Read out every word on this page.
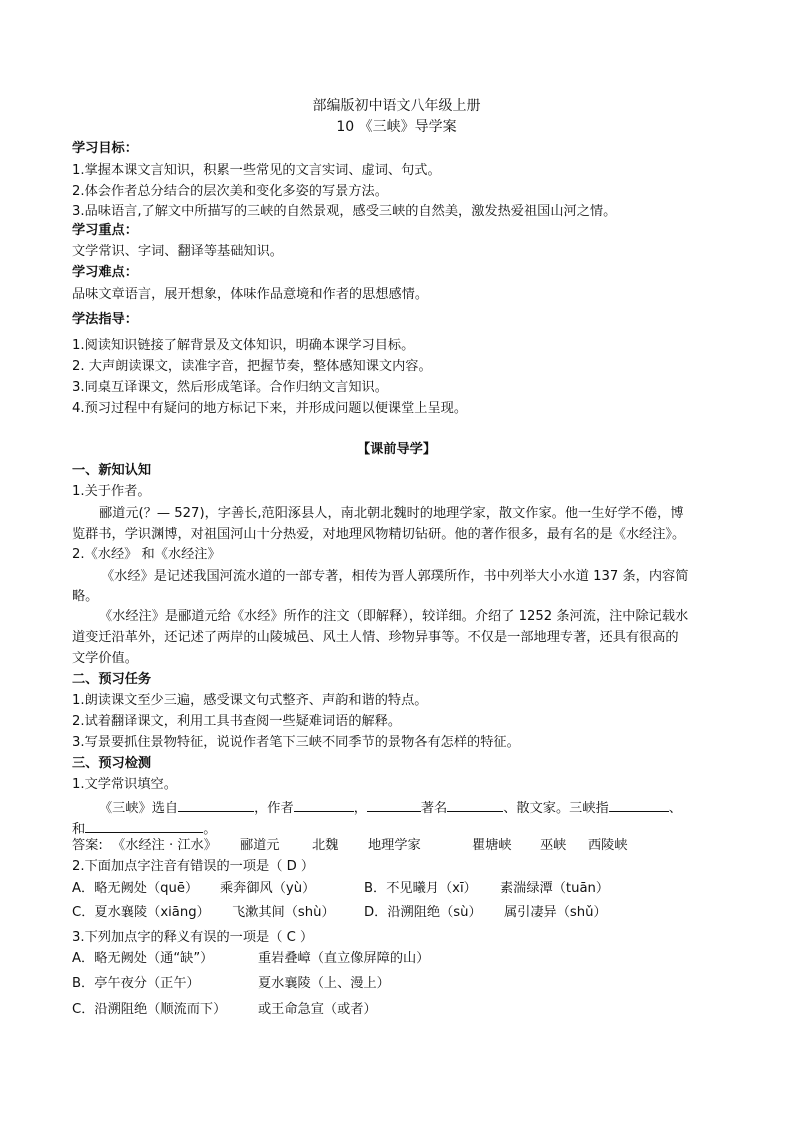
部编版初中语文八年级上册
10 《三峡》导学案
学习目标：
1.掌握本课文言知识，积累一些常见的文言实词、虚词、句式。
2.体会作者总分结合的层次美和变化多姿的写景方法。
3.品味语言,了解文中所描写的三峡的自然景观，感受三峡的自然美，激发热爱祖国山河之情。
学习重点：
文学常识、字词、翻译等基础知识。
学习难点：
品味文章语言，展开想象，体味作品意境和作者的思想感情。
学法指导：
1.阅读知识链接了解背景及文体知识，明确本课学习目标。
2. 大声朗读课文，读准字音，把握节奏，整体感知课文内容。
3.同桌互译课文，然后形成笔译。合作归纳文言知识。
4.预习过程中有疑问的地方标记下来，并形成问题以便课堂上呈现。
【课前导学】
一、新知认知
1.关于作者。
郦道元(？— 527)，字善长,范阳涿县人，南北朝北魏时的地理学家，散文作家。他一生好学不倦，博
览群书，学识渊博，对祖国河山十分热爱，对地理风物精切钻研。他的著作很多，最有名的是《水经注》。
2.《水经》 和《水经注》
《水经》是记述我国河流水道的一部专著，相传为晋人郭璞所作，书中列举大小水道 137 条，内容简
略。
《水经注》是郦道元给《水经》所作的注文（即解释），较详细。介绍了 1252 条河流，注中除记载水
道变迁沿革外，还记述了两岸的山陵城邑、风土人情、珍物异事等。不仅是一部地理专著，还具有很高的
文学价值。
二、预习任务
1.朗读课文至少三遍，感受课文句式整齐、声韵和谐的特点。
2.试着翻译课文，利用工具书查阅一些疑难词语的解释。
3.写景要抓住景物特征，说说作者笔下三峡不同季节的景物各有怎样的特征。
三、预习检测
1.文学常识填空。
《三峡》选自	，作者	，	著名	、散文家。三峡指	、
和	。
答案: 《水经注 · 江水》 郦道元 北魏 地理学家	瞿塘峡 巫峡 西陵峡
2.下面加点字注音有错误的一项是（ D ）
A．略无阙处（quē） 乘奔御风（yù）	B．不见曦月（xī） 素湍绿潭（tuān）
C．夏水襄陵（xiāng） 飞漱其间（shù） D．沿溯阻绝（sù） 属引凄异（shǔ）
3.下列加点字的释义有误的一项是（ C ）
A．略无阙处（通“缺”）	重岩叠嶂（直立像屏障的山）
B．亭午夜分（正午）	夏水襄陵（上、漫上）
C．沿溯阻绝（顺流而下） 或王命急宣（或者）
